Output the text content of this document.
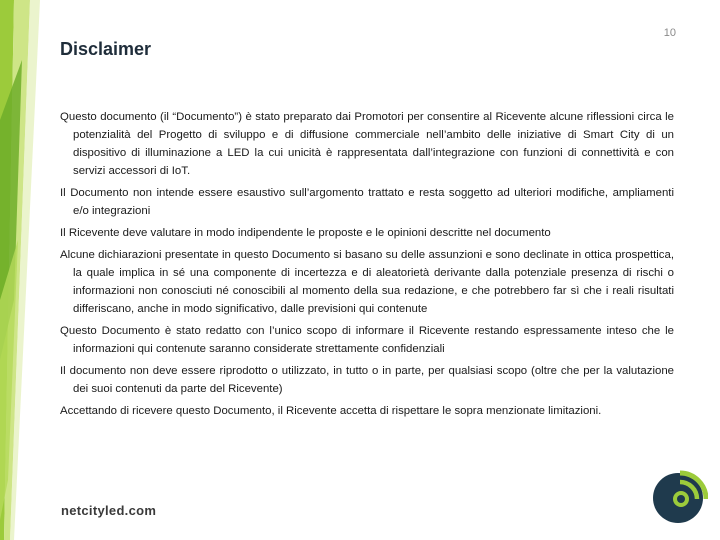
10
Disclaimer

Questo documento (il “Documento”) è stato preparato dai Promotori per consentire al Ricevente alcune riflessioni circa le potenzialità del Progetto di sviluppo e di diffusione commerciale nell’ambito delle iniziative di Smart City di un dispositivo di illuminazione a LED la cui unicità è rappresentata dall’integrazione con funzioni di connettività e con servizi accessori di IoT.

Il Documento non intende essere esaustivo sull’argomento trattato e resta soggetto ad ulteriori modifiche, ampliamenti e/o integrazioni

Il Ricevente deve valutare in modo indipendente le proposte e le opinioni descritte nel documento

Alcune dichiarazioni presentate in questo Documento si basano su delle assunzioni e sono declinate in ottica prospettica, la quale implica in sé una componente di incertezza e di aleatorietà derivante dalla potenziale presenza di rischi o informazioni non conosciuti né conoscibili al momento della sua redazione, e che potrebbero far sì che i reali risultati differiscano, anche in modo significativo, dalle previsioni qui contenute

Questo Documento è stato redatto con l’unico scopo di informare il Ricevente restando espressamente inteso che le informazioni qui contenute saranno considerate strettamente confidenziali

Il documento non deve essere riprodotto o utilizzato, in tutto o in parte, per qualsiasi scopo (oltre che per la valutazione dei suoi contenuti da parte del Ricevente)

Accettando di ricevere questo Documento, il Ricevente accetta di rispettare le sopra menzionate limitazioni.

netcityled.com
